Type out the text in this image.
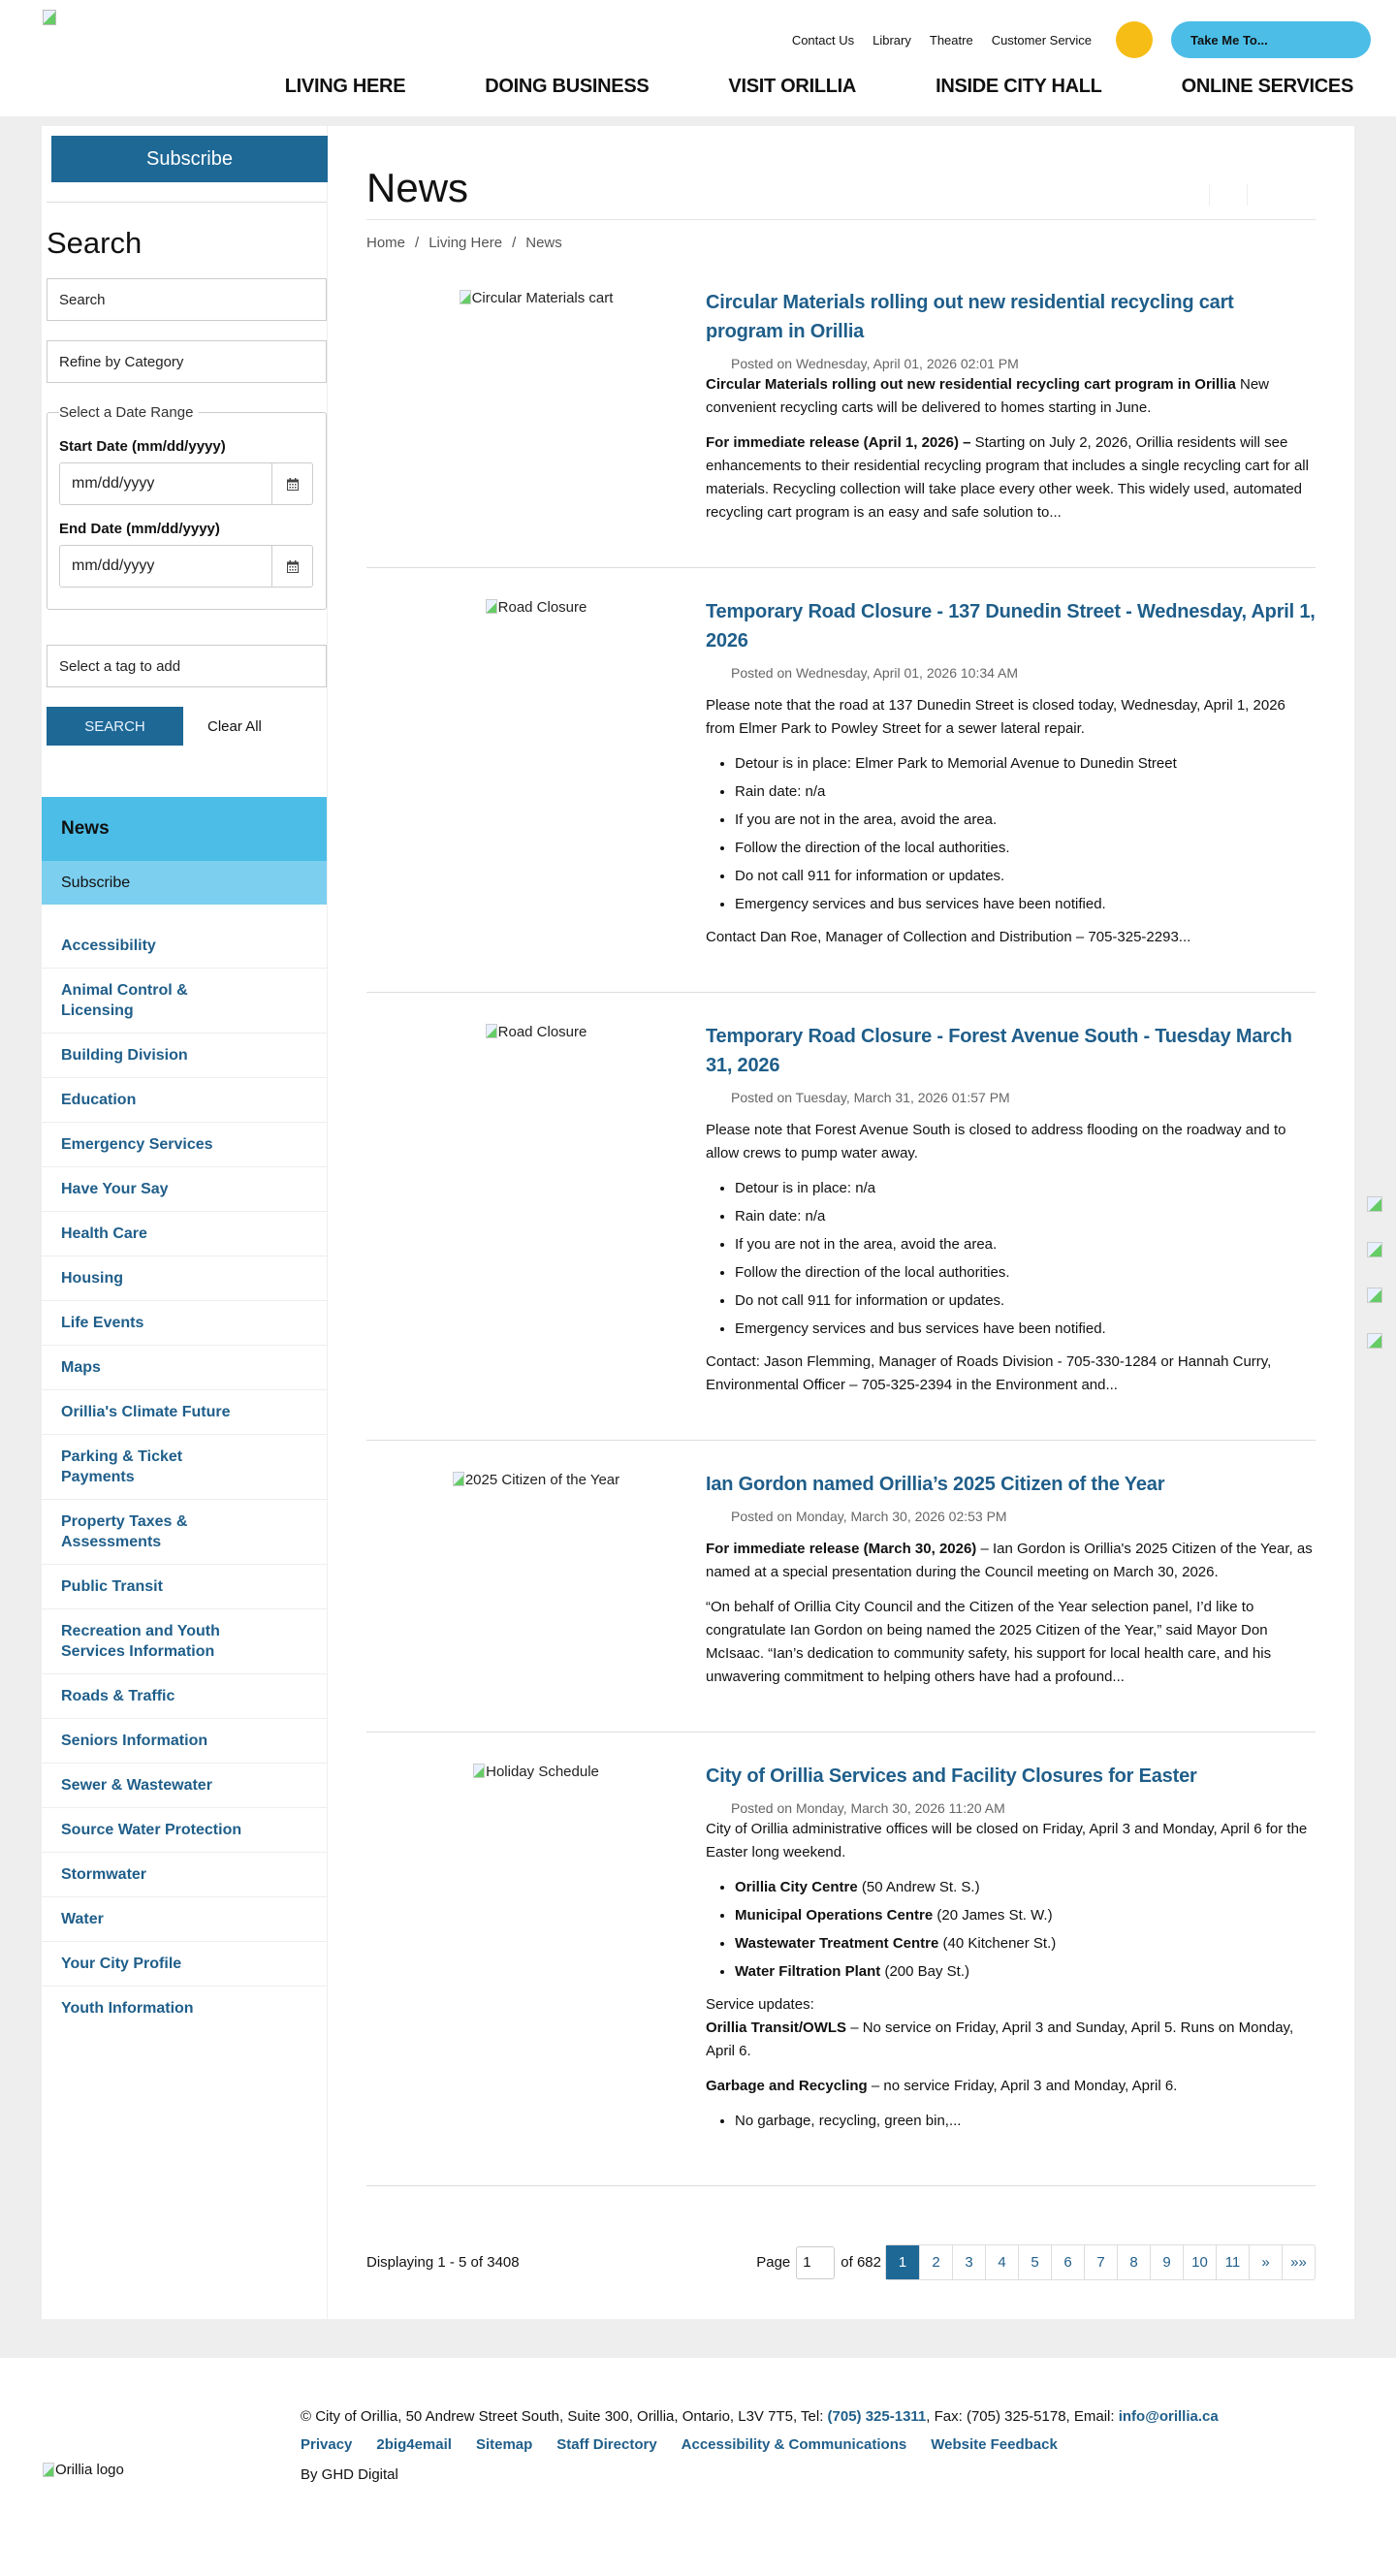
Contact Us Library Theatre Customer Service	Take Me To...
LIVING HERE	DOING BUSINESS	VISIT ORILLIA	INSIDE CITY HALL	ONLINE SERVICES
Subscribe
Search
Search
Refine by Category
Select a Date Range
Start Date (mm/dd/yyyy)
mm/dd/yyyy
End Date (mm/dd/yyyy)
mm/dd/yyyy
Select a tag to add
SEARCH	Clear All
News
Subscribe
Accessibility
Animal Control & Licensing
Building Division
Education
Emergency Services
Have Your Say
Health Care
Housing
Life Events
Maps
Orillia's Climate Future
Parking & Ticket Payments
Property Taxes & Assessments
Public Transit
Recreation and Youth Services Information
Roads & Traffic
Seniors Information
Sewer & Wastewater
Source Water Protection
Stormwater
Water
Your City Profile
Youth Information
News
Home / Living Here / News
Circular Materials cart	Circular Materials rolling out new residential recycling cart program in Orillia
Posted on Wednesday, April 01, 2026 02:01 PM

Circular Materials rolling out new residential recycling cart program in Orillia New convenient recycling carts will be delivered to homes starting in June.

For immediate release (April 1, 2026) – Starting on July 2, 2026, Orillia residents will see enhancements to their residential recycling program that includes a single recycling cart for all materials. Recycling collection will take place every other week. This widely used, automated recycling cart program is an easy and safe solution to...

Road Closure	Temporary Road Closure - 137 Dunedin Street - Wednesday, April 1, 2026
Posted on Wednesday, April 01, 2026 10:34 AM

Please note that the road at 137 Dunedin Street is closed today, Wednesday, April 1, 2026 from Elmer Park to Powley Street for a sewer lateral repair.

• Detour is in place: Elmer Park to Memorial Avenue to Dunedin Street
• Rain date: n/a
• If you are not in the area, avoid the area.
• Follow the direction of the local authorities.
• Do not call 911 for information or updates.
• Emergency services and bus services have been notified.

Contact Dan Roe, Manager of Collection and Distribution – 705-325-2293...

Road Closure	Temporary Road Closure - Forest Avenue South - Tuesday March 31, 2026
Posted on Tuesday, March 31, 2026 01:57 PM

Please note that Forest Avenue South is closed to address flooding on the roadway and to allow crews to pump water away.

• Detour is in place: n/a
• Rain date: n/a
• If you are not in the area, avoid the area.
• Follow the direction of the local authorities.
• Do not call 911 for information or updates.
• Emergency services and bus services have been notified.

Contact: Jason Flemming, Manager of Roads Division - 705-330-1284 or Hannah Curry, Environmental Officer – 705-325-2394 in the Environment and...

2025 Citizen of the Year	Ian Gordon named Orillia’s 2025 Citizen of the Year
Posted on Monday, March 30, 2026 02:53 PM

For immediate release (March 30, 2026) – Ian Gordon is Orillia's 2025 Citizen of the Year, as named at a special presentation during the Council meeting on March 30, 2026.

“On behalf of Orillia City Council and the Citizen of the Year selection panel, I’d like to congratulate Ian Gordon on being named the 2025 Citizen of the Year,” said Mayor Don McIsaac. “Ian’s dedication to community safety, his support for local health care, and his unwavering commitment to helping others have had a profound...

Holiday Schedule	City of Orillia Services and Facility Closures for Easter
Posted on Monday, March 30, 2026 11:20 AM

City of Orillia administrative offices will be closed on Friday, April 3 and Monday, April 6 for the Easter long weekend.

• Orillia City Centre (50 Andrew St. S.)
• Municipal Operations Centre (20 James St. W.)
• Wastewater Treatment Centre (40 Kitchener St.)
• Water Filtration Plant (200 Bay St.)
Service updates:
Orillia Transit/OWLS – No service on Friday, April 3 and Sunday, April 5. Runs on Monday, April 6.

Garbage and Recycling – no service Friday, April 3 and Monday, April 6.

• No garbage, recycling, green bin,...
Displaying 1 - 5 of 3408	Page 1	of 682	1	2	3	4	5	6	7	8	9	10	11	»	»»
Orillia logo
© City of Orillia, 50 Andrew Street South, Suite 300, Orillia, Ontario, L3V 7T5, Tel: (705) 325-1311, Fax: (705) 325-5178, Email: info@orillia.ca
Privacy 2big4email Sitemap Staff Directory Accessibility & Communications Website Feedback
By GHD Digital
